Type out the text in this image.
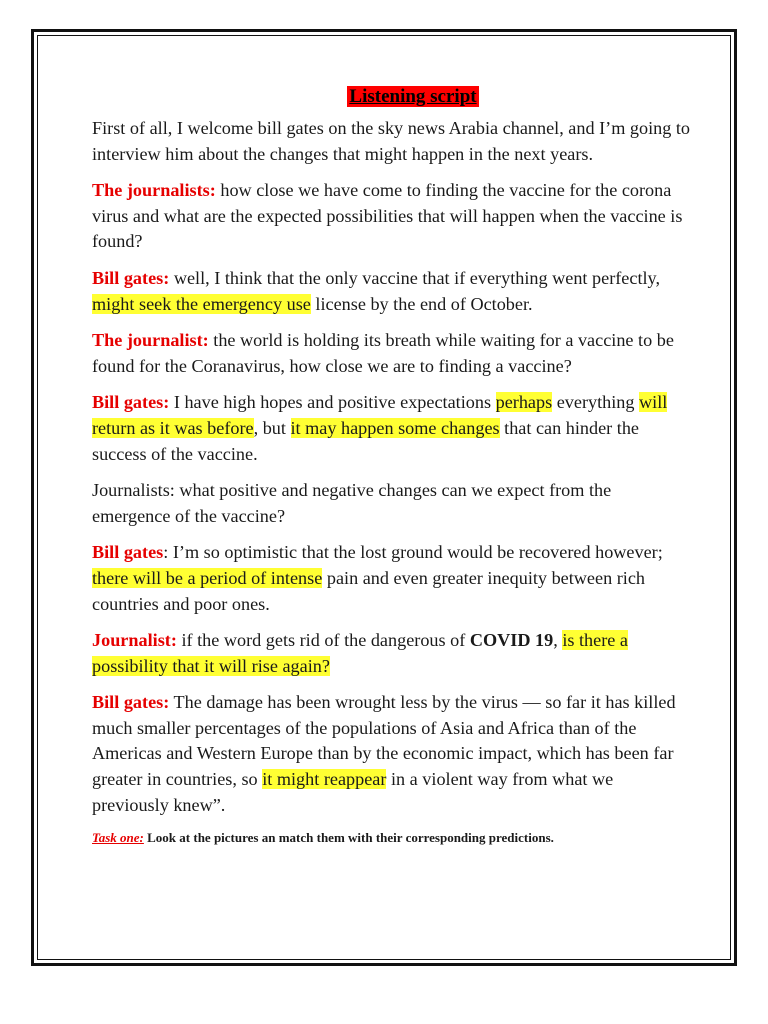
Listening script

First of all, I welcome bill gates on the sky news Arabia channel, and I’m going to interview him about the changes that might happen in the next years.

The journalists: how close we have come to finding the vaccine for the corona virus and what are the expected possibilities that will happen when the vaccine is found?

Bill gates: well, I think that the only vaccine that if everything went perfectly, might seek the emergency use license by the end of October.

The journalist: the world is holding its breath while waiting for a vaccine to be found for the Coranavirus, how close we are to finding a vaccine?

Bill gates: I have high hopes and positive expectations perhaps everything will return as it was before, but it may happen some changes that can hinder the success of the vaccine.

Journalists: what positive and negative changes can we expect from the emergence of the vaccine?

Bill gates: I’m so optimistic that the lost ground would be recovered however; there will be a period of intense pain and even greater inequity between rich countries and poor ones.

Journalist: if the word gets rid of the dangerous of COVID 19, is there a possibility that it will rise again?

Bill gates: The damage has been wrought less by the virus — so far it has killed much smaller percentages of the populations of Asia and Africa than of the Americas and Western Europe than by the economic impact, which has been far greater in countries, so it might reappear in a violent way from what we previously knew”.

Task one: Look at the pictures an match them with their corresponding predictions.
